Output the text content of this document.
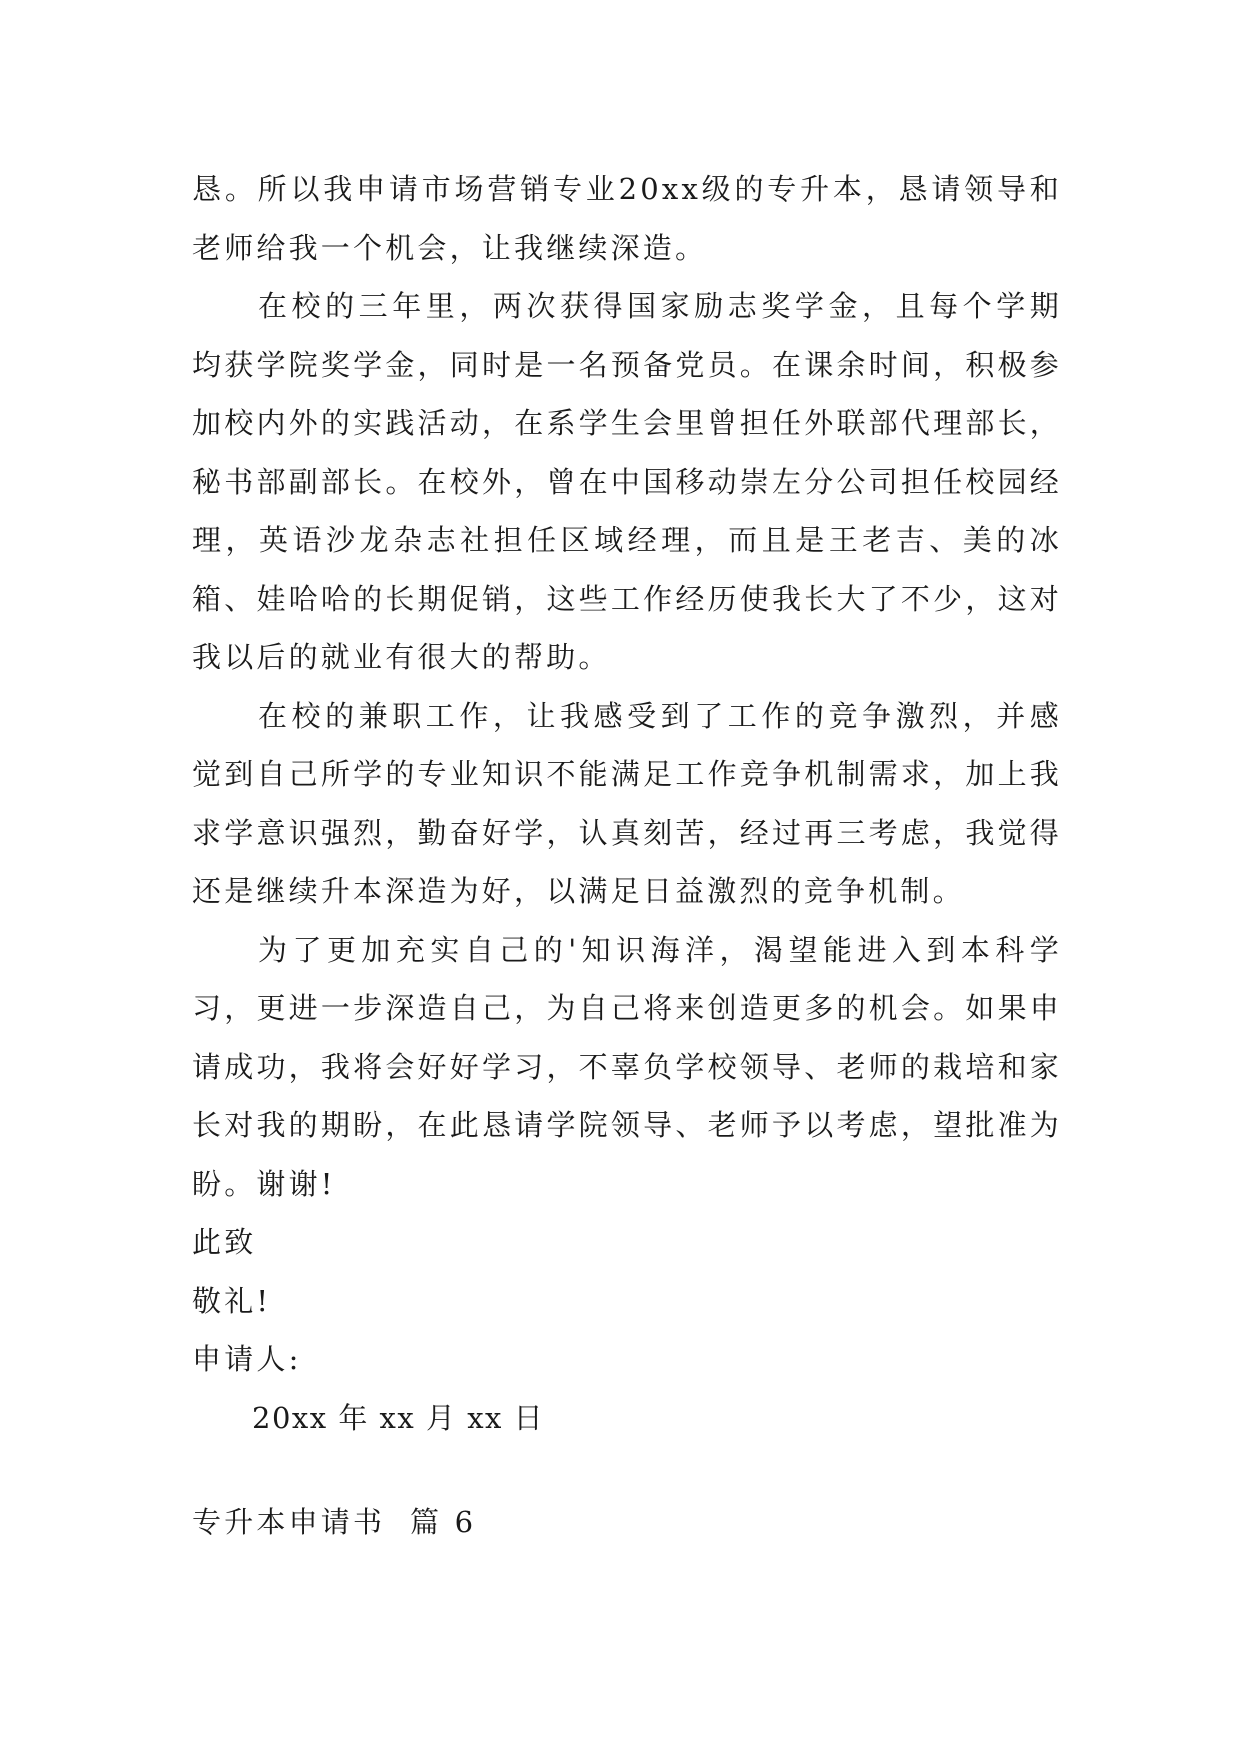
恳。所以我申请市场营销专业20xx级的专升本，恳请领导和老师给我一个机会，让我继续深造。

在校的三年里，两次获得国家励志奖学金，且每个学期均获学院奖学金，同时是一名预备党员。在课余时间，积极参加校内外的实践活动，在系学生会里曾担任外联部代理部长，秘书部副部长。在校外，曾在中国移动崇左分公司担任校园经理，英语沙龙杂志社担任区域经理，而且是王老吉、美的冰箱、娃哈哈的长期促销，这些工作经历使我长大了不少，这对我以后的就业有很大的帮助。

在校的兼职工作，让我感受到了工作的竞争激烈，并感觉到自己所学的专业知识不能满足工作竞争机制需求，加上我求学意识强烈，勤奋好学，认真刻苦，经过再三考虑，我觉得还是继续升本深造为好，以满足日益激烈的竞争机制。

为了更加充实自己的'知识海洋，渴望能进入到本科学习，更进一步深造自己，为自己将来创造更多的机会。如果申请成功，我将会好好学习，不辜负学校领导、老师的栽培和家长对我的期盼，在此恳请学院领导、老师予以考虑，望批准为盼。谢谢!

此致

敬礼!

申请人:

20xx 年 xx 月 xx 日

专升本申请书  篇 6
